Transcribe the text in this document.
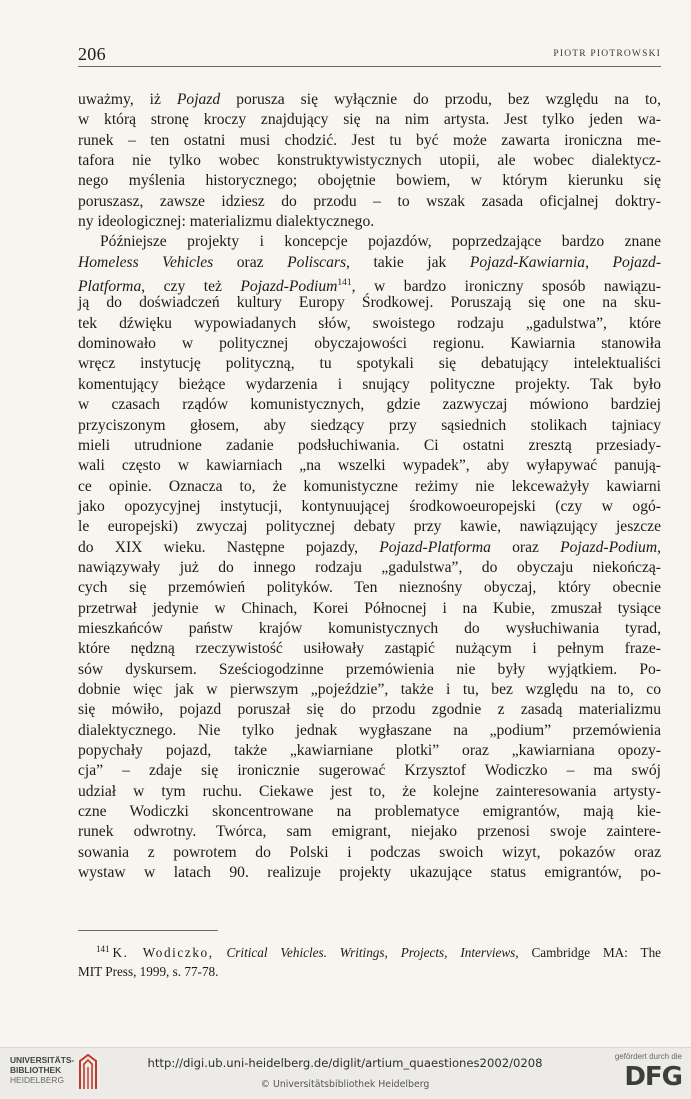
206	PIOTR PIOTROWSKI
uważmy, iż Pojazd porusza się wyłącznie do przodu, bez względu na to,
w którą stronę kroczy znajdujący się na nim artysta. Jest tylko jeden wa-
runek – ten ostatni musi chodzić. Jest tu być może zawarta ironiczna me-
tafora nie tylko wobec konstruktywistycznych utopii, ale wobec dialektycz-
nego myślenia historycznego; obojętnie bowiem, w którym kierunku się
poruszasz, zawsze idziesz do przodu – to wszak zasada oficjalnej doktry-
ny ideologicznej: materializmu dialektycznego.
Późniejsze projekty i koncepcje pojazdów, poprzedzające bardzo znane
Homeless Vehicles oraz Poliscars, takie jak Pojazd-Kawiarnia, Pojazd-
Platforma, czy też Pojazd-Podium$^{141}$, w bardzo ironiczny sposób nawiązu-
ją do doświadczeń kultury Europy Środkowej. Poruszają się one na sku-
tek dźwięku wypowiadanych słów, swoistego rodzaju „gadulstwa”, które
dominowało w politycznej obyczajowości regionu. Kawiarnia stanowiła
wręcz instytucję polityczną, tu spotykali się debatujący intelektualiści
komentujący bieżące wydarzenia i snujący polityczne projekty. Tak było
w czasach rządów komunistycznych, gdzie zazwyczaj mówiono bardziej
przyciszonym głosem, aby siedzący przy sąsiednich stolikach tajniacy
mieli utrudnione zadanie podsłuchiwania. Ci ostatni zresztą przesiady-
wali często w kawiarniach „na wszelki wypadek”, aby wyłapywać panują-
ce opinie. Oznacza to, że komunistyczne reżimy nie lekceważyły kawiarni
jako opozycyjnej instytucji, kontynuującej środkowoeuropejski (czy w ogó-
le europejski) zwyczaj politycznej debaty przy kawie, nawiązujący jeszcze
do XIX wieku. Następne pojazdy, Pojazd-Platforma oraz Pojazd-Podium,
nawiązywały już do innego rodzaju „gadulstwa”, do obyczaju niekończą-
cych się przemówień polityków. Ten nieznośny obyczaj, który obecnie
przetrwał jedynie w Chinach, Korei Północnej i na Kubie, zmuszał tysiące
mieszkańców państw krajów komunistycznych do wysłuchiwania tyrad,
które nędzną rzeczywistość usiłowały zastąpić nużącym i pełnym fraze-
sów dyskursem. Sześciogodzinne przemówienia nie były wyjątkiem. Po-
dobnie więc jak w pierwszym „pojeździe”, także i tu, bez względu na to, co
się mówiło, pojazd poruszał się do przodu zgodnie z zasadą materializmu
dialektycznego. Nie tylko jednak wygłaszane na „podium” przemówienia
popychały pojazd, także „kawiarniane plotki” oraz „kawiarniana opozy-
cja” – zdaje się ironicznie sugerować Krzysztof Wodiczko – ma swój
udział w tym ruchu. Ciekawe jest to, że kolejne zainteresowania artysty-
czne Wodiczki skoncentrowane na problematyce emigrantów, mają kie-
runek odwrotny. Twórca, sam emigrant, niejako przenosi swoje zaintere-
sowania z powrotem do Polski i podczas swoich wizyt, pokazów oraz
wystaw w latach 90. realizuje projekty ukazujące status emigrantów, po-
$^{141}$ K. Wodiczko, Critical Vehicles. Writings, Projects, Interviews, Cambridge MA: The
MIT Press, 1999, s. 77-78.
UNIVERSITÄTS-
BIBLIOTHEK
HEIDELBERG
http://digi.ub.uni-heidelberg.de/diglit/artium_quaestiones2002/0208
© Universitätsbibliothek Heidelberg
gefördert durch die
DFG
